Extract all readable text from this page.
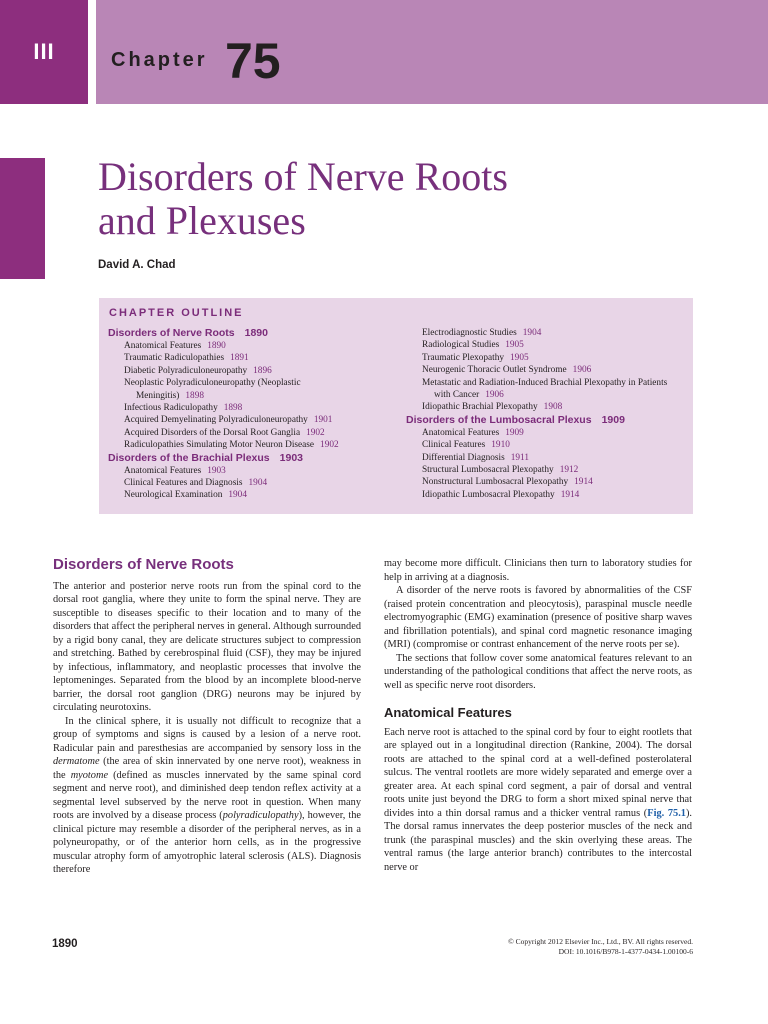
III	Chapter 75
Disorders of Nerve Roots
and Plexuses
David A. Chad
CHAPTER OUTLINE
Disorders of Nerve Roots 1890
Anatomical Features 1890
Traumatic Radiculopathies 1891
Diabetic Polyradiculoneuropathy 1896
Neoplastic Polyradiculoneuropathy (Neoplastic Meningitis) 1898
Infectious Radiculopathy 1898
Acquired Demyelinating Polyradiculoneuropathy 1901
Acquired Disorders of the Dorsal Root Ganglia 1902
Radiculopathies Simulating Motor Neuron Disease 1902
Disorders of the Brachial Plexus 1903
Anatomical Features 1903
Clinical Features and Diagnosis 1904
Neurological Examination 1904
Electrodiagnostic Studies 1904
Radiological Studies 1905
Traumatic Plexopathy 1905
Neurogenic Thoracic Outlet Syndrome 1906
Metastatic and Radiation-Induced Brachial Plexopathy in Patients with Cancer 1906
Idiopathic Brachial Plexopathy 1908
Disorders of the Lumbosacral Plexus 1909
Anatomical Features 1909
Clinical Features 1910
Differential Diagnosis 1911
Structural Lumbosacral Plexopathy 1912
Nonstructural Lumbosacral Plexopathy 1914
Idiopathic Lumbosacral Plexopathy 1914
Disorders of Nerve Roots

The anterior and posterior nerve roots run from the spinal cord to the dorsal root ganglia, where they unite to form the spinal nerve. They are susceptible to diseases specific to their location and to many of the disorders that affect the peripheral nerves in general. Although surrounded by a rigid bony canal, they are delicate structures subject to compression and stretching. Bathed by cerebrospinal fluid (CSF), they may be injured by infectious, inflammatory, and neoplastic processes that involve the leptomeninges. Separated from the blood by an incomplete blood-nerve barrier, the dorsal root ganglion (DRG) neurons may be injured by circulating neurotoxins.

In the clinical sphere, it is usually not difficult to recognize that a group of symptoms and signs is caused by a lesion of a nerve root. Radicular pain and paresthesias are accompanied by sensory loss in the dermatome (the area of skin innervated by one nerve root), weakness in the myotome (defined as muscles innervated by the same spinal cord segment and nerve root), and diminished deep tendon reflex activity at a segmental level subserved by the nerve root in question. When many roots are involved by a disease process (polyradiculopathy), however, the clinical picture may resemble a disorder of the peripheral nerves, as in a polyneuropathy, or of the anterior horn cells, as in the progressive muscular atrophy form of amyotrophic lateral sclerosis (ALS). Diagnosis therefore

may become more difficult. Clinicians then turn to laboratory studies for help in arriving at a diagnosis.

A disorder of the nerve roots is favored by abnormalities of the CSF (raised protein concentration and pleocytosis), paraspinal muscle needle electromyographic (EMG) examination (presence of positive sharp waves and fibrillation potentials), and spinal cord magnetic resonance imaging (MRI) (compromise or contrast enhancement of the nerve roots per se).

The sections that follow cover some anatomical features relevant to an understanding of the pathological conditions that affect the nerve roots, as well as specific nerve root disorders.

Anatomical Features

Each nerve root is attached to the spinal cord by four to eight rootlets that are splayed out in a longitudinal direction (Rankine, 2004). The dorsal roots are attached to the spinal cord at a well-defined posterolateral sulcus. The ventral rootlets are more widely separated and emerge over a greater area. At each spinal cord segment, a pair of dorsal and ventral roots unite just beyond the DRG to form a short mixed spinal nerve that divides into a thin dorsal ramus and a thicker ventral ramus (Fig. 75.1). The dorsal ramus innervates the deep posterior muscles of the neck and trunk (the paraspinal muscles) and the skin overlying these areas. The ventral ramus (the large anterior branch) contributes to the intercostal nerve or

1890	© Copyright 2012 Elsevier Inc., Ltd., BV. All rights reserved.
DOI: 10.1016/B978-1-4377-0434-1.00100-6
